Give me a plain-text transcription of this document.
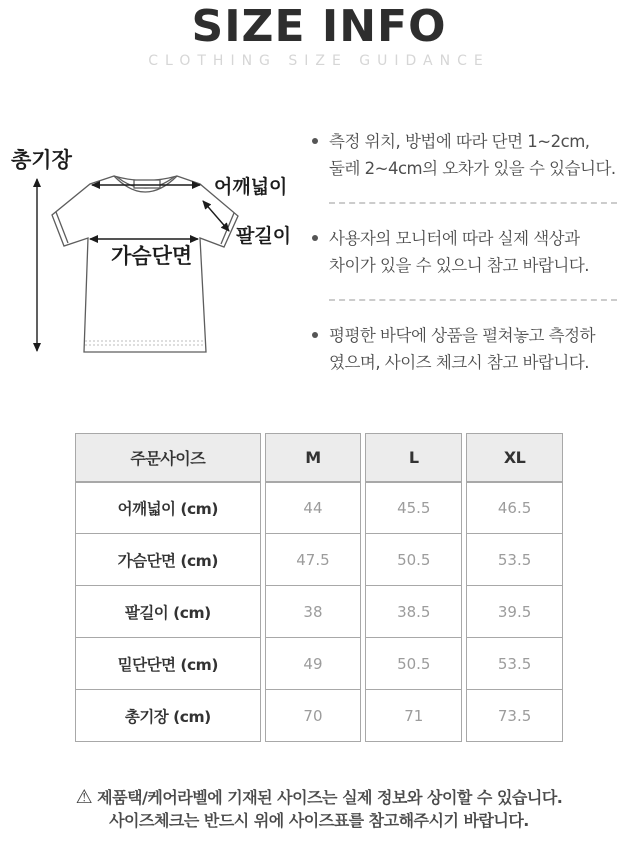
SIZE INFO
CLOTHING SIZE GUIDANCE
총기장
어깨넓이
팔길이
가슴단면
측정 위치, 방법에 따라 단면 1~2cm,
둘레 2~4cm의 오차가 있을 수 있습니다.
사용자의 모니터에 따라 실제 색상과
차이가 있을 수 있으니 참고 바랍니다.
평평한 바닥에 상품을 펼쳐놓고 측정하
였으며, 사이즈 체크시 참고 바랍니다.
주문사이즈	M	L	XL
어깨넓이 (cm)	44	45.5	46.5
가슴단면 (cm)	47.5	50.5	53.5
팔길이 (cm)	38	38.5	39.5
밑단단면 (cm)	49	50.5	53.5
총기장 (cm)	70	71	73.5
⚠ 제품택/케어라벨에 기재된 사이즈는 실제 정보와 상이할 수 있습니다.
사이즈체크는 반드시 위에 사이즈표를 참고해주시기 바랍니다.
